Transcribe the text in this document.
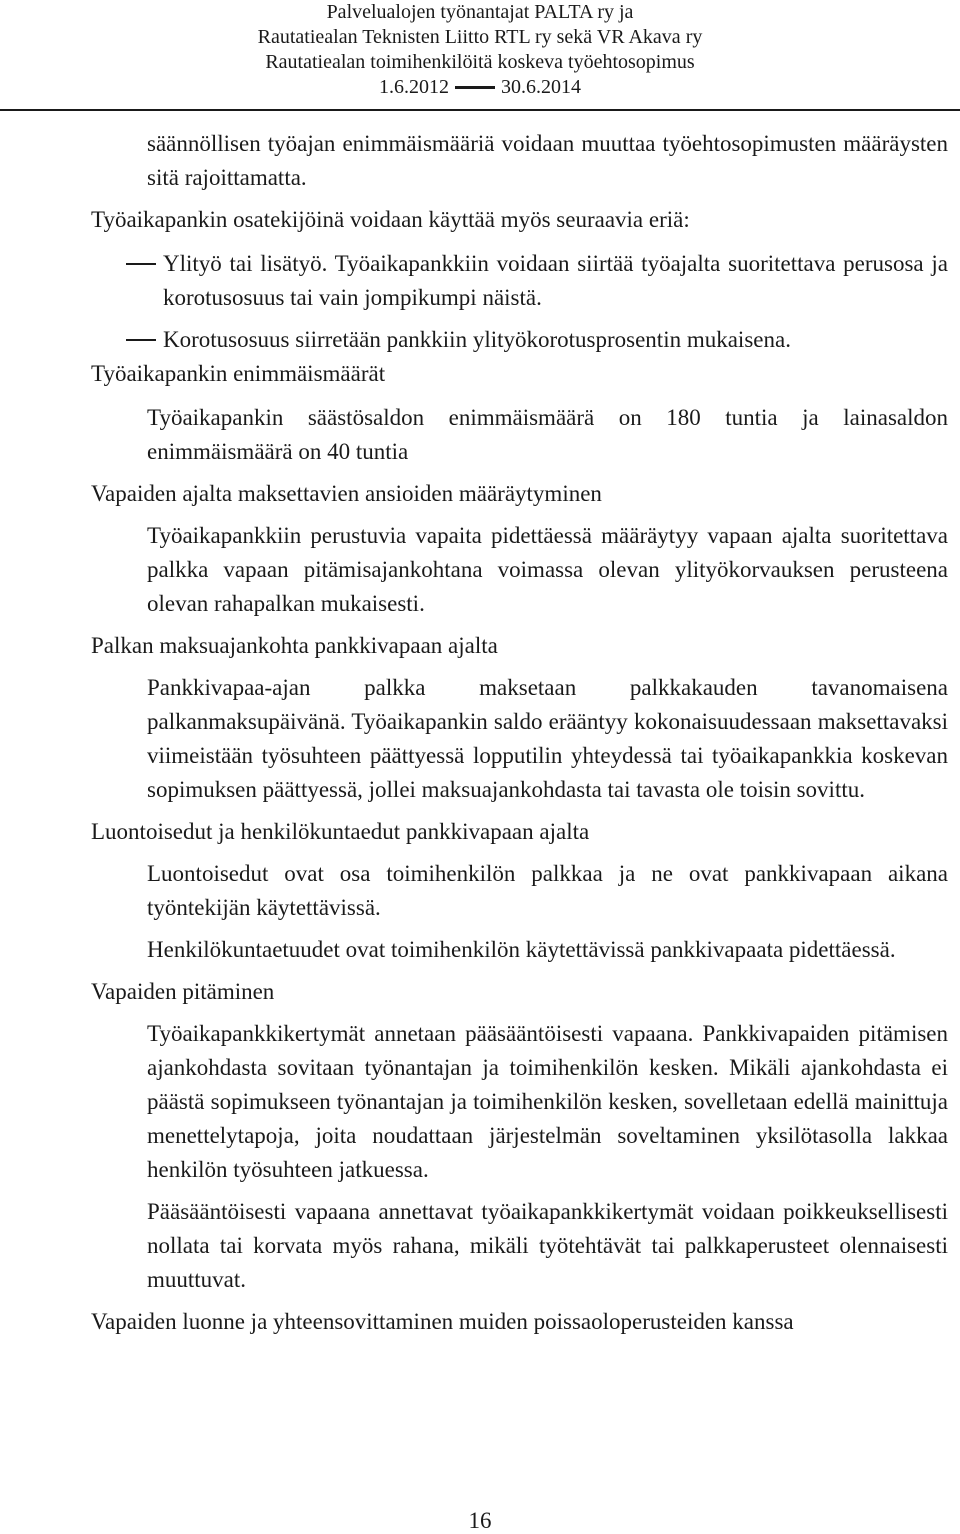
Palvelualojen työnantajat PALTA ry ja
Rautatiealan Teknisten Liitto RTL ry sekä VR Akava ry
Rautatiealan toimihenkilöitä koskeva työehtosopimus
1.6.2012	30.6.2014

säännöllisen työajan enimmäismääriä voidaan muuttaa työehtosopimusten määräysten sitä rajoittamatta.

Työaikapankin osatekijöinä voidaan käyttää myös seuraavia eriä:

Ylityö tai lisätyö. Työaikapankkiin voidaan siirtää työajalta suoritettava perusosa ja korotusosuus tai vain jompikumpi näistä.
Korotusosuus siirretään pankkiin ylityökorotusprosentin mukaisena.

Työaikapankin enimmäismäärät

Työaikapankin säästösaldon enimmäismäärä on 180 tuntia ja lainasaldon enimmäismäärä on 40 tuntia

Vapaiden ajalta maksettavien ansioiden määräytyminen

Työaikapankkiin perustuvia vapaita pidettäessä määräytyy vapaan ajalta suoritettava palkka vapaan pitämisajankohtana voimassa olevan ylityökorvauksen perusteena olevan rahapalkan mukaisesti.

Palkan maksuajankohta pankkivapaan ajalta

Pankkivapaa-ajan palkka maksetaan palkkakauden tavanomaisena palkanmaksupäivänä. Työaikapankin saldo erääntyy kokonaisuudessaan maksettavaksi viimeistään työsuhteen päättyessä lopputilin yhteydessä tai työaikapankkia koskevan sopimuksen päättyessä, jollei maksuajankohdasta tai tavasta ole toisin sovittu.

Luontoisedut ja henkilökuntaedut pankkivapaan ajalta

Luontoisedut ovat osa toimihenkilön palkkaa ja ne ovat pankkivapaan aikana työntekijän käytettävissä.

Henkilökuntaetuudet ovat toimihenkilön käytettävissä pankkivapaata pidettäessä.

Vapaiden pitäminen

Työaikapankkikertymät annetaan pääsääntöisesti vapaana. Pankkivapaiden pitämisen ajankohdasta sovitaan työnantajan ja toimihenkilön kesken. Mikäli ajankohdasta ei päästä sopimukseen työnantajan ja toimihenkilön kesken, sovelletaan edellä mainittuja menettelytapoja, joita noudattaan järjestelmän soveltaminen yksilötasolla lakkaa henkilön työsuhteen jatkuessa.

Pääsääntöisesti vapaana annettavat työaikapankkikertymät voidaan poikkeuksellisesti nollata tai korvata myös rahana, mikäli työtehtävät tai palkkaperusteet olennaisesti muuttuvat.

Vapaiden luonne ja yhteensovittaminen muiden poissaoloperusteiden kanssa

16
